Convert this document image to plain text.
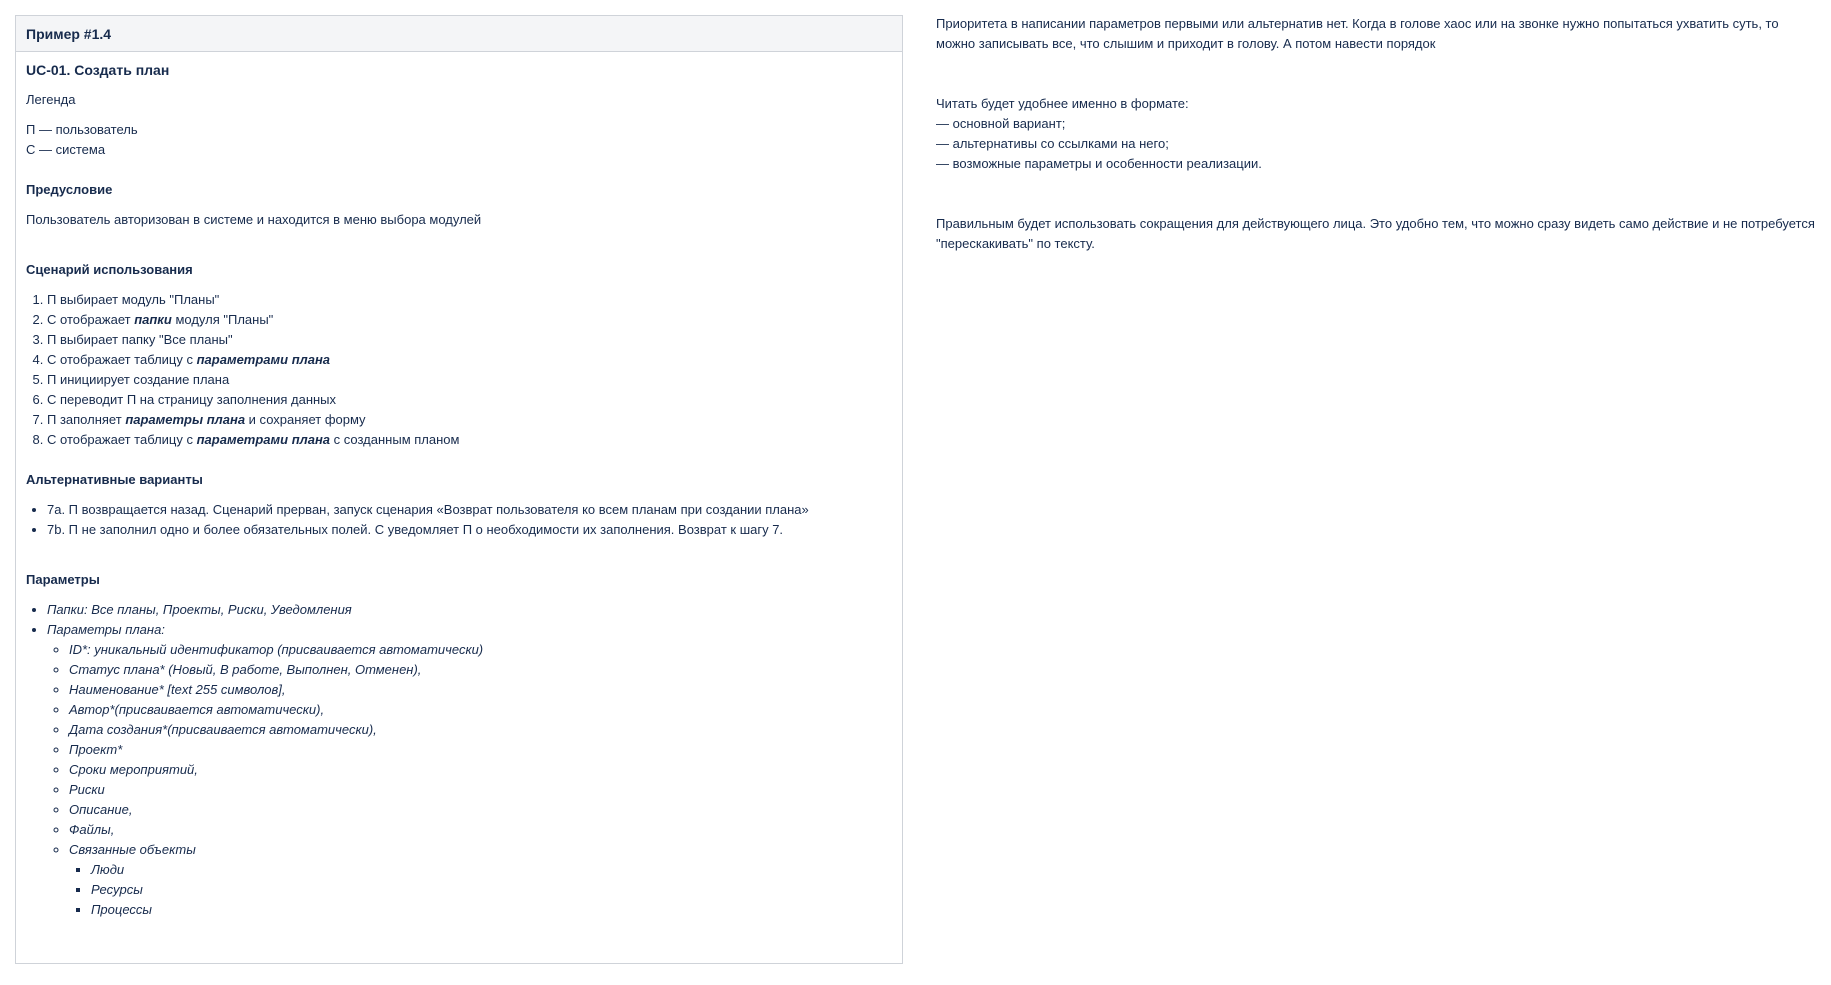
Пример #1.4
UC-01. Создать план

Легенда

П — пользователь
С — система

Предусловие

Пользователь авторизован в системе и находится в меню выбора модулей

Сценарий использования
1. П выбирает модуль "Планы"
2. С отображает папки модуля "Планы"
3. П выбирает папку "Все планы"
4. С отображает таблицу с параметрами плана
5. П инициирует создание плана
6. С переводит П на страницу заполнения данных
7. П заполняет параметры плана и сохраняет форму
8. С отображает таблицу с параметрами плана с созданным планом
Альтернативные варианты
• 7a. П возвращается назад. Сценарий прерван, запуск сценария «Возврат пользователя ко всем планам при создании плана»
• 7b. П не заполнил одно и более обязательных полей. С уведомляет П о необходимости их заполнения. Возврат к шагу 7.
Параметры
• Папки: Все планы, Проекты, Риски, Уведомления
• Параметры плана:
◦ ID*: уникальный идентификатор (присваивается автоматически)
◦ Статус плана* (Новый, В работе, Выполнен, Отменен),
◦ Наименование* [text 255 символов],
◦ Автор*(присваивается автоматически),
◦ Дата создания*(присваивается автоматически),
◦ Проект*
◦ Сроки мероприятий,
◦ Риски
◦ Описание,
◦ Файлы,
◦ Связанные объекты
▪ Люди
▪ Ресурсы
▪ Процессы

Приоритета в написании параметров первыми или альтернатив нет. Когда в голове хаос или на звонке нужно попытаться ухватить суть, то можно записывать все, что слышим и приходит в голову. А потом навести порядок

Читать будет удобнее именно в формате:
— основной вариант;
— альтернативы со ссылками на него;
— возможные параметры и особенности реализации.

Правильным будет использовать сокращения для действующего лица. Это удобно тем, что можно сразу видеть само действие и не потребуется "перескакивать" по тексту.
